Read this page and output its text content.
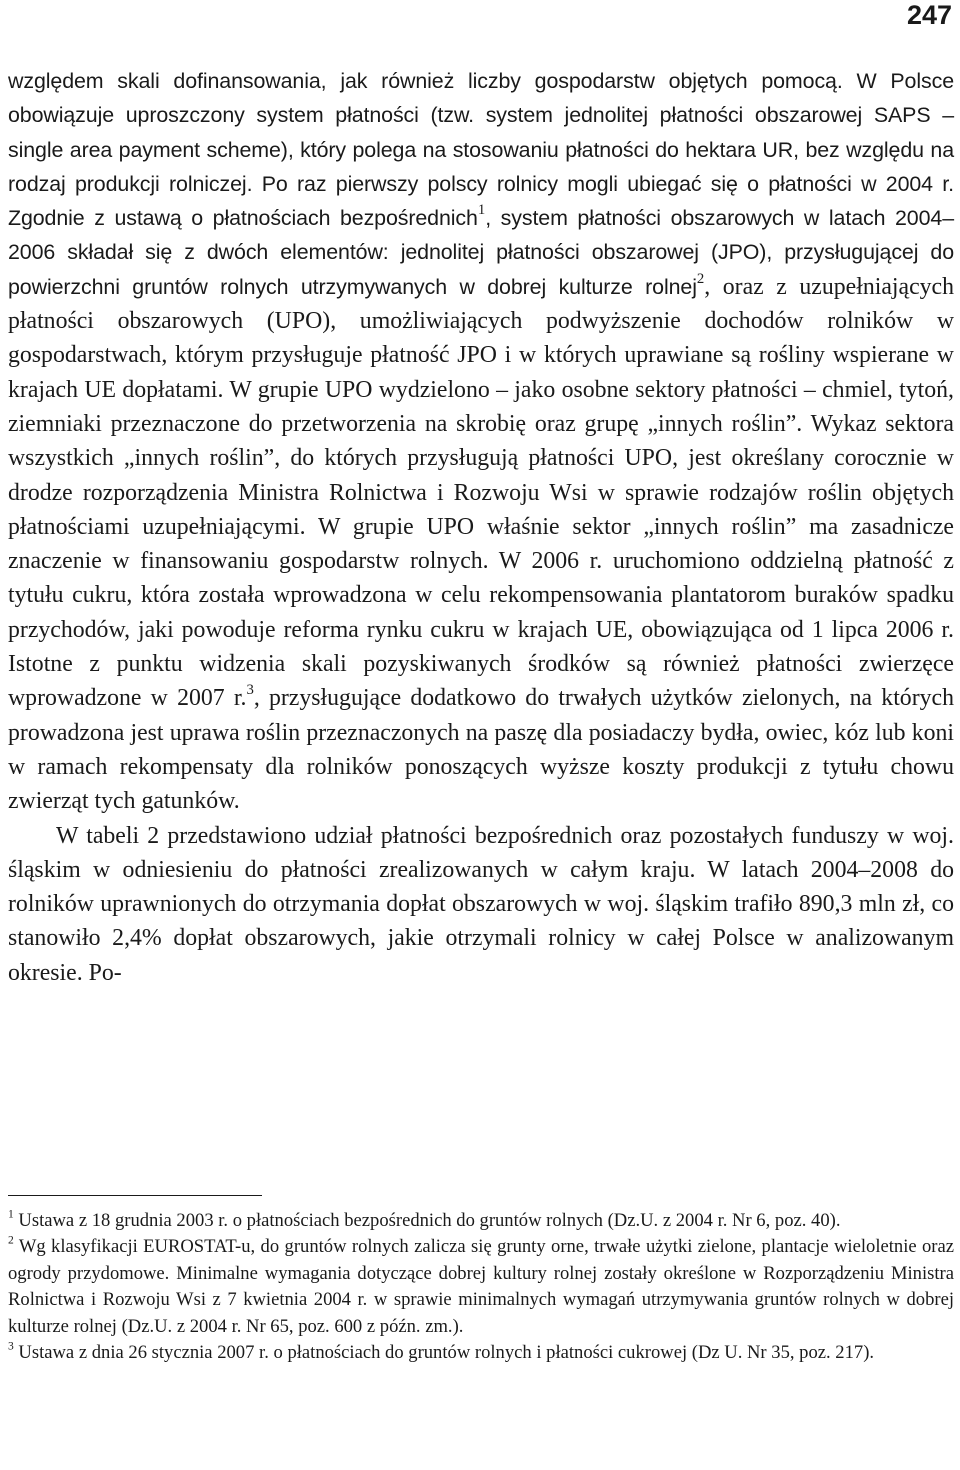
247

względem skali dofinansowania, jak również liczby gospodarstw objętych pomocą. W Polsce obowiązuje uproszczony system płatności (tzw. system jednolitej płatności obszarowej SAPS – single area payment scheme), który polega na stosowaniu płatności do hektara UR, bez względu na rodzaj produkcji rolniczej. Po raz pierwszy polscy rolnicy mogli ubiegać się o płatności w 2004 r. Zgodnie z ustawą o płatnościach bezpośrednich$^1$, system płatności obszarowych w latach 2004–2006 składał się z dwóch elementów: jednolitej płatności obszarowej (JPO), przysługującej do powierzchni gruntów rolnych utrzymywanych w dobrej kulturze rolnej$^2$, oraz z uzupełniających płatności obszarowych (UPO), umożliwiających podwyższenie dochodów rolników w gospodarstwach, którym przysługuje płatność JPO i w których uprawiane są rośliny wspierane w krajach UE dopłatami. W grupie UPO wydzielono – jako osobne sektory płatności – chmiel, tytoń, ziemniaki przeznaczone do przetworzenia na skrobię oraz grupę „innych roślin”. Wykaz sektora wszystkich „innych roślin”, do których przysługują płatności UPO, jest określany corocznie w drodze rozporządzenia Ministra Rolnictwa i Rozwoju Wsi w sprawie rodzajów roślin objętych płatnościami uzupełniającymi. W grupie UPO właśnie sektor „innych roślin” ma zasadnicze znaczenie w finansowaniu gospodarstw rolnych. W 2006 r. uruchomiono oddzielną płatność z tytułu cukru, która została wprowadzona w celu rekompensowania plantatorom buraków spadku przychodów, jaki powoduje reforma rynku cukru w krajach UE, obowiązująca od 1 lipca 2006 r. Istotne z punktu widzenia skali pozyskiwanych środków są również płatności zwierzęce wprowadzone w 2007 r.$^3$, przysługujące dodatkowo do trwałych użytków zielonych, na których prowadzona jest uprawa roślin przeznaczonych na paszę dla posiadaczy bydła, owiec, kóz lub koni w ramach rekompensaty dla rolników ponoszących wyższe koszty produkcji z tytułu chowu zwierząt tych gatunków.

W tabeli 2 przedstawiono udział płatności bezpośrednich oraz pozostałych funduszy w woj. śląskim w odniesieniu do płatności zrealizowanych w całym kraju. W latach 2004–2008 do rolników uprawnionych do otrzymania dopłat obszarowych w woj. śląskim trafiło 890,3 mln zł, co stanowiło 2,4% dopłat obszarowych, jakie otrzymali rolnicy w całej Polsce w analizowanym okresie. Po-

$^1$ Ustawa z 18 grudnia 2003 r. o płatnościach bezpośrednich do gruntów rolnych (Dz.U. z 2004 r. Nr 6, poz. 40).

$^2$ Wg klasyfikacji EUROSTAT-u, do gruntów rolnych zalicza się grunty orne, trwałe użytki zielone, plantacje wieloletnie oraz ogrody przydomowe. Minimalne wymagania dotyczące dobrej kultury rolnej zostały określone w Rozporządzeniu Ministra Rolnictwa i Rozwoju Wsi z 7 kwietnia 2004 r. w sprawie minimalnych wymagań utrzymywania gruntów rolnych w dobrej kulturze rolnej (Dz.U. z 2004 r. Nr 65, poz. 600 z późn. zm.).

$^3$ Ustawa z dnia 26 stycznia 2007 r. o płatnościach do gruntów rolnych i płatności cukrowej (Dz U. Nr 35, poz. 217).
